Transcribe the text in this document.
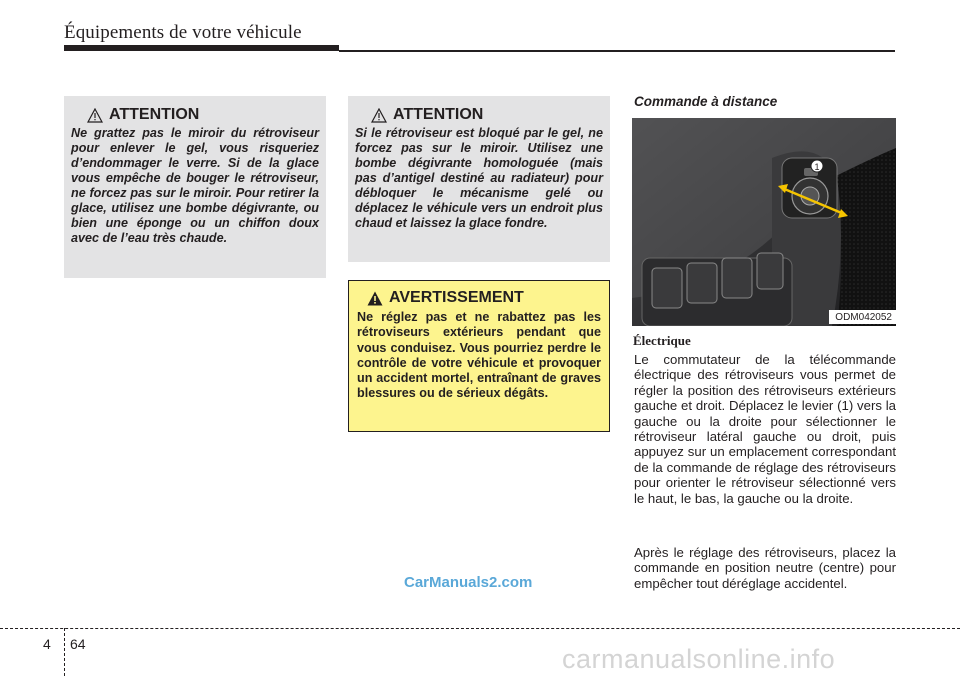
Équipements de votre véhicule
ATTENTION

Ne grattez pas le miroir du rétroviseur pour enlever le gel, vous risqueriez d’endommager le verre. Si de la glace vous empêche de bouger le rétroviseur, ne forcez pas sur le miroir. Pour retirer la glace, utilisez une bombe dégivrante, ou bien une éponge ou un chiffon doux avec de l’eau très chaude.

ATTENTION

Si le rétroviseur est bloqué par le gel, ne forcez pas sur le miroir. Utilisez une bombe dégivrante homologuée (mais pas d’antigel destiné au radiateur) pour débloquer le mécanisme gelé ou déplacez le véhicule vers un endroit plus chaud et laissez la glace fondre.

AVERTISSEMENT

Ne réglez pas et ne rabattez pas les rétroviseurs extérieurs pendant que vous conduisez. Vous pourriez perdre le contrôle de votre véhicule et provoquer un accident mortel, entraînant de graves blessures ou de sérieux dégâts.

Commande à distance
1
ODM042052
Électrique

Le commutateur de la télécommande électrique des rétroviseurs vous permet de régler la position des rétroviseurs extérieurs gauche et droit. Déplacez le levier (1) vers la gauche ou la droite pour sélectionner le rétroviseur latéral gauche ou droit, puis appuyez sur un emplacement correspondant de la commande de réglage des rétroviseurs pour orienter le rétroviseur sélectionné vers le haut, le bas, la gauche ou la droite.

Après le réglage des rétroviseurs, placez la commande en position neutre (centre) pour empêcher tout déréglage accidentel.

CarManuals2.com
4 64	carmanualsonline.info
